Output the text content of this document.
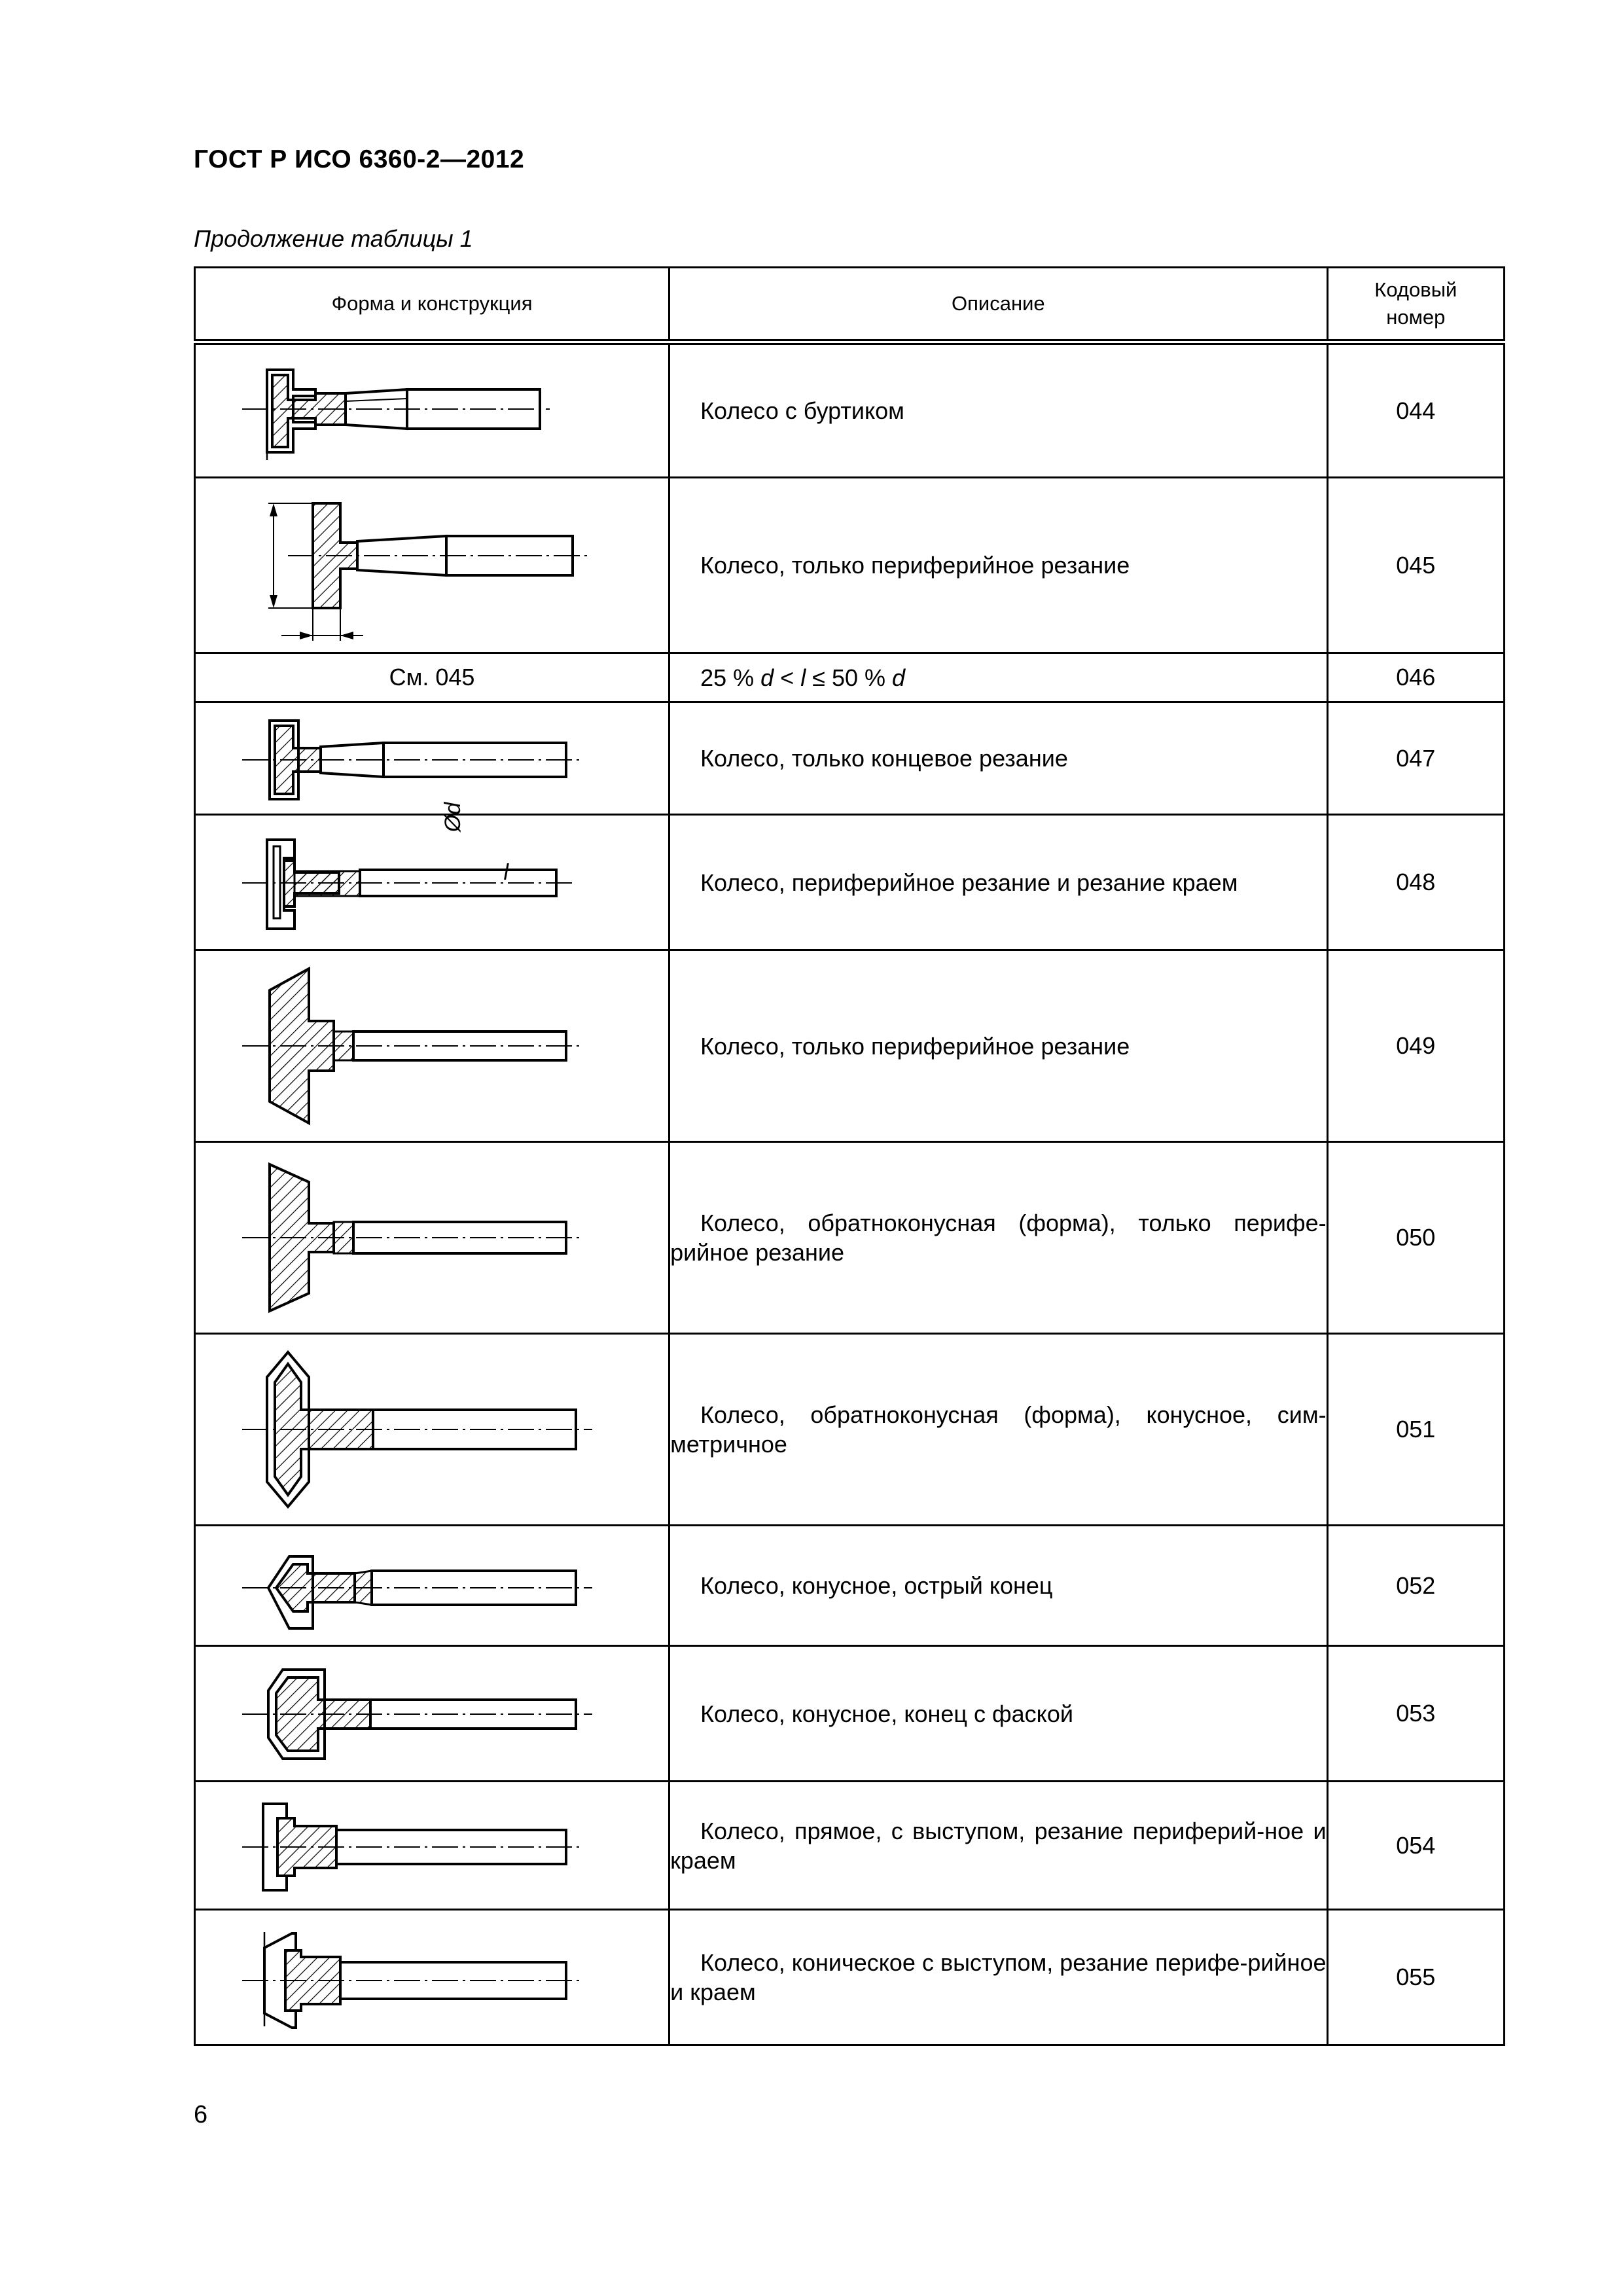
ГОСТ Р ИСО 6360-2—2012
Продолжение таблицы 1
Форма и конструкция	Описание	Кодовый номер

Колесо с буртиком	044

Ød
l	Колесо, только периферийное резание	045
См. 045	25 % d < l ≤ 50 % d	046

Колесо, только концевое резание	047

Колесо, периферийное резание и резание краем	048

Колесо, только периферийное резание	049

Колесо, обратноконусная (форма), только перифе-рийное резание	050

Колесо, обратноконусная (форма), конусное, сим-метричное	051

Колесо, конусное, острый конец	052

Колесо, конусное, конец с фаской	053

Колесо, прямое, с выступом, резание периферий-ное и краем	054

Колесо, коническое с выступом, резание перифе-рийное и краем	055
6
